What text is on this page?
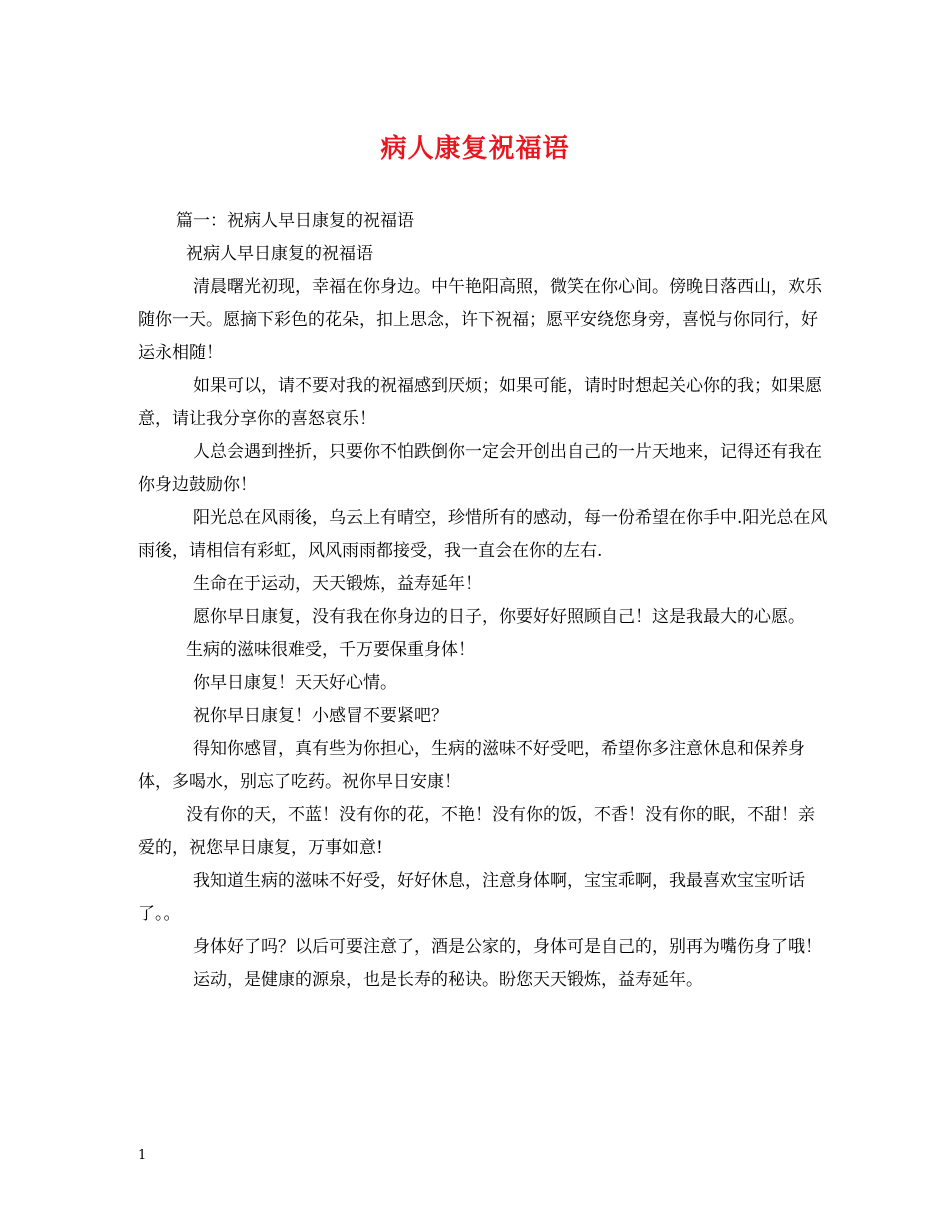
病人康复祝福语

篇一：祝病人早日康复的祝福语

祝病人早日康复的祝福语

清晨曙光初现，幸福在你身边。中午艳阳高照，微笑在你心间。傍晚日落西山，欢乐随你一天。愿摘下彩色的花朵，扣上思念，许下祝福；愿平安绕您身旁，喜悦与你同行，好运永相随！

如果可以，请不要对我的祝福感到厌烦；如果可能，请时时想起关心你的我；如果愿意，请让我分享你的喜怒哀乐！

人总会遇到挫折，只要你不怕跌倒你一定会开创出自己的一片天地来，记得还有我在你身边鼓励你！

阳光总在风雨後，乌云上有晴空，珍惜所有的感动，每一份希望在你手中.阳光总在风雨後，请相信有彩虹，风风雨雨都接受，我一直会在你的左右.

生命在于运动，天天锻炼，益寿延年！

愿你早日康复，没有我在你身边的日子，你要好好照顾自己！这是我最大的心愿。

生病的滋味很难受，千万要保重身体！

你早日康复！天天好心情。

祝你早日康复！小感冒不要紧吧？

得知你感冒，真有些为你担心，生病的滋味不好受吧，希望你多注意休息和保养身体，多喝水，别忘了吃药。祝你早日安康！

没有你的天，不蓝！没有你的花，不艳！没有你的饭，不香！没有你的眠，不甜！亲爱的，祝您早日康复，万事如意!

我知道生病的滋味不好受，好好休息，注意身体啊，宝宝乖啊，我最喜欢宝宝听话了。。

身体好了吗？以后可要注意了，酒是公家的，身体可是自己的，别再为嘴伤身了哦！

运动，是健康的源泉，也是长寿的秘诀。盼您天天锻炼，益寿延年。

1
